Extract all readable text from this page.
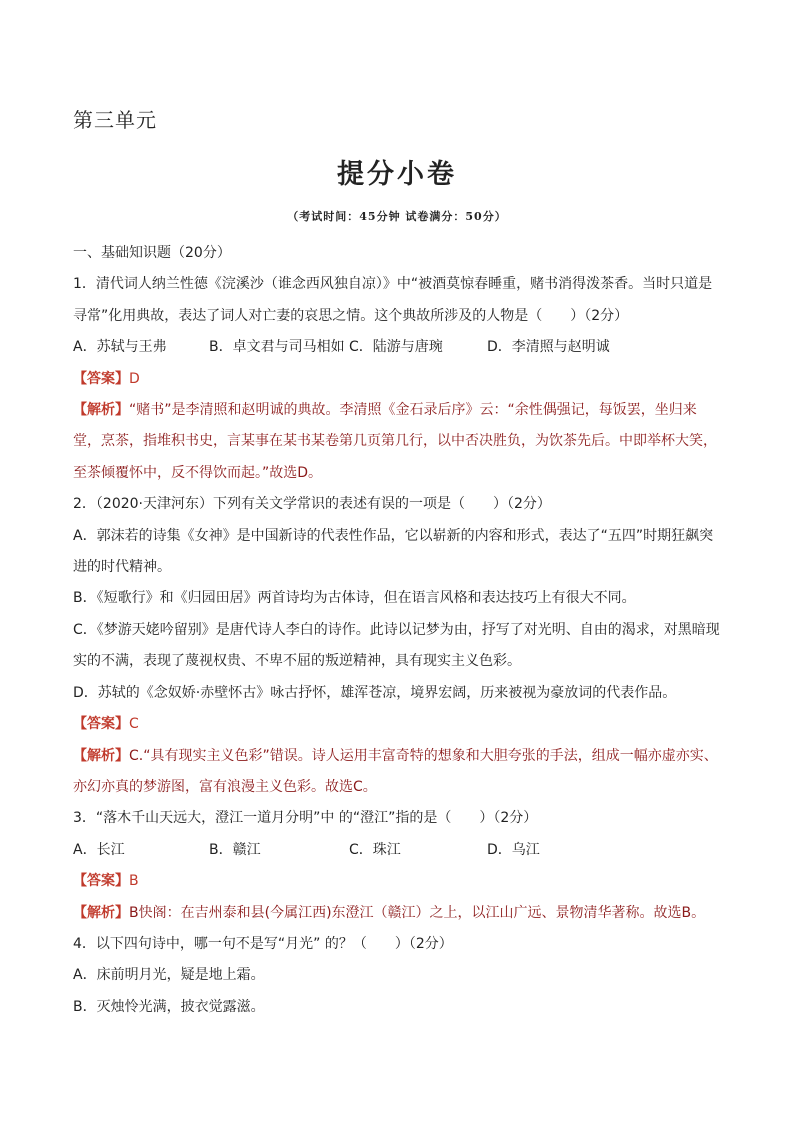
第三单元
提分小卷
（考试时间：45分钟 试卷满分：50分）
一、基础知识题（20分）
1．清代词人纳兰性德《浣溪沙（谁念西风独自凉）》中“被酒莫惊春睡重，赌书消得泼茶香。当时只道是
寻常”化用典故，表达了词人对亡妻的哀思之情。这个典故所涉及的人物是（　　）（2分）
A．苏轼与王弗	B．卓文君与司马相如 C．陆游与唐琬	D．李清照与赵明诚
【答案】D
【解析】“赌书”是李清照和赵明诚的典故。李清照《金石录后序》云：“余性偶强记，每饭罢，坐归来
堂，烹茶，指堆积书史，言某事在某书某卷第几页第几行，以中否决胜负，为饮茶先后。中即举杯大笑，
至茶倾覆怀中，反不得饮而起。”故选D。
2．（2020·天津河东）下列有关文学常识的表述有误的一项是（　　）（2分）
A．郭沫若的诗集《女神》是中国新诗的代表性作品，它以崭新的内容和形式，表达了“五四”时期狂飙突
进的时代精神。
B．《短歌行》和《归园田居》两首诗均为古体诗，但在语言风格和表达技巧上有很大不同。
C．《梦游天姥吟留别》是唐代诗人李白的诗作。此诗以记梦为由，抒写了对光明、自由的渴求，对黑暗现
实的不满，表现了蔑视权贵、不卑不屈的叛逆精神，具有现实主义色彩。
D．苏轼的《念奴娇·赤壁怀古》咏古抒怀，雄浑苍凉，境界宏阔，历来被视为豪放词的代表作品。
【答案】C
【解析】C.“具有现实主义色彩”错误。诗人运用丰富奇特的想象和大胆夸张的手法，组成一幅亦虚亦实、
亦幻亦真的梦游图，富有浪漫主义色彩。故选C。
3．“落木千山天远大，澄江一道月分明”中 的“澄江”指的是（　　）（2分）
A．长江	B．赣江	C．珠江	D．乌江
【答案】B
【解析】B快阁：在吉州泰和县(今属江西)东澄江（赣江）之上，以江山广远、景物清华著称。故选B。
4．以下四句诗中，哪一句不是写“月光” 的？（　　）（2分）
A．床前明月光，疑是地上霜。
B．灭烛怜光满，披衣觉露滋。
